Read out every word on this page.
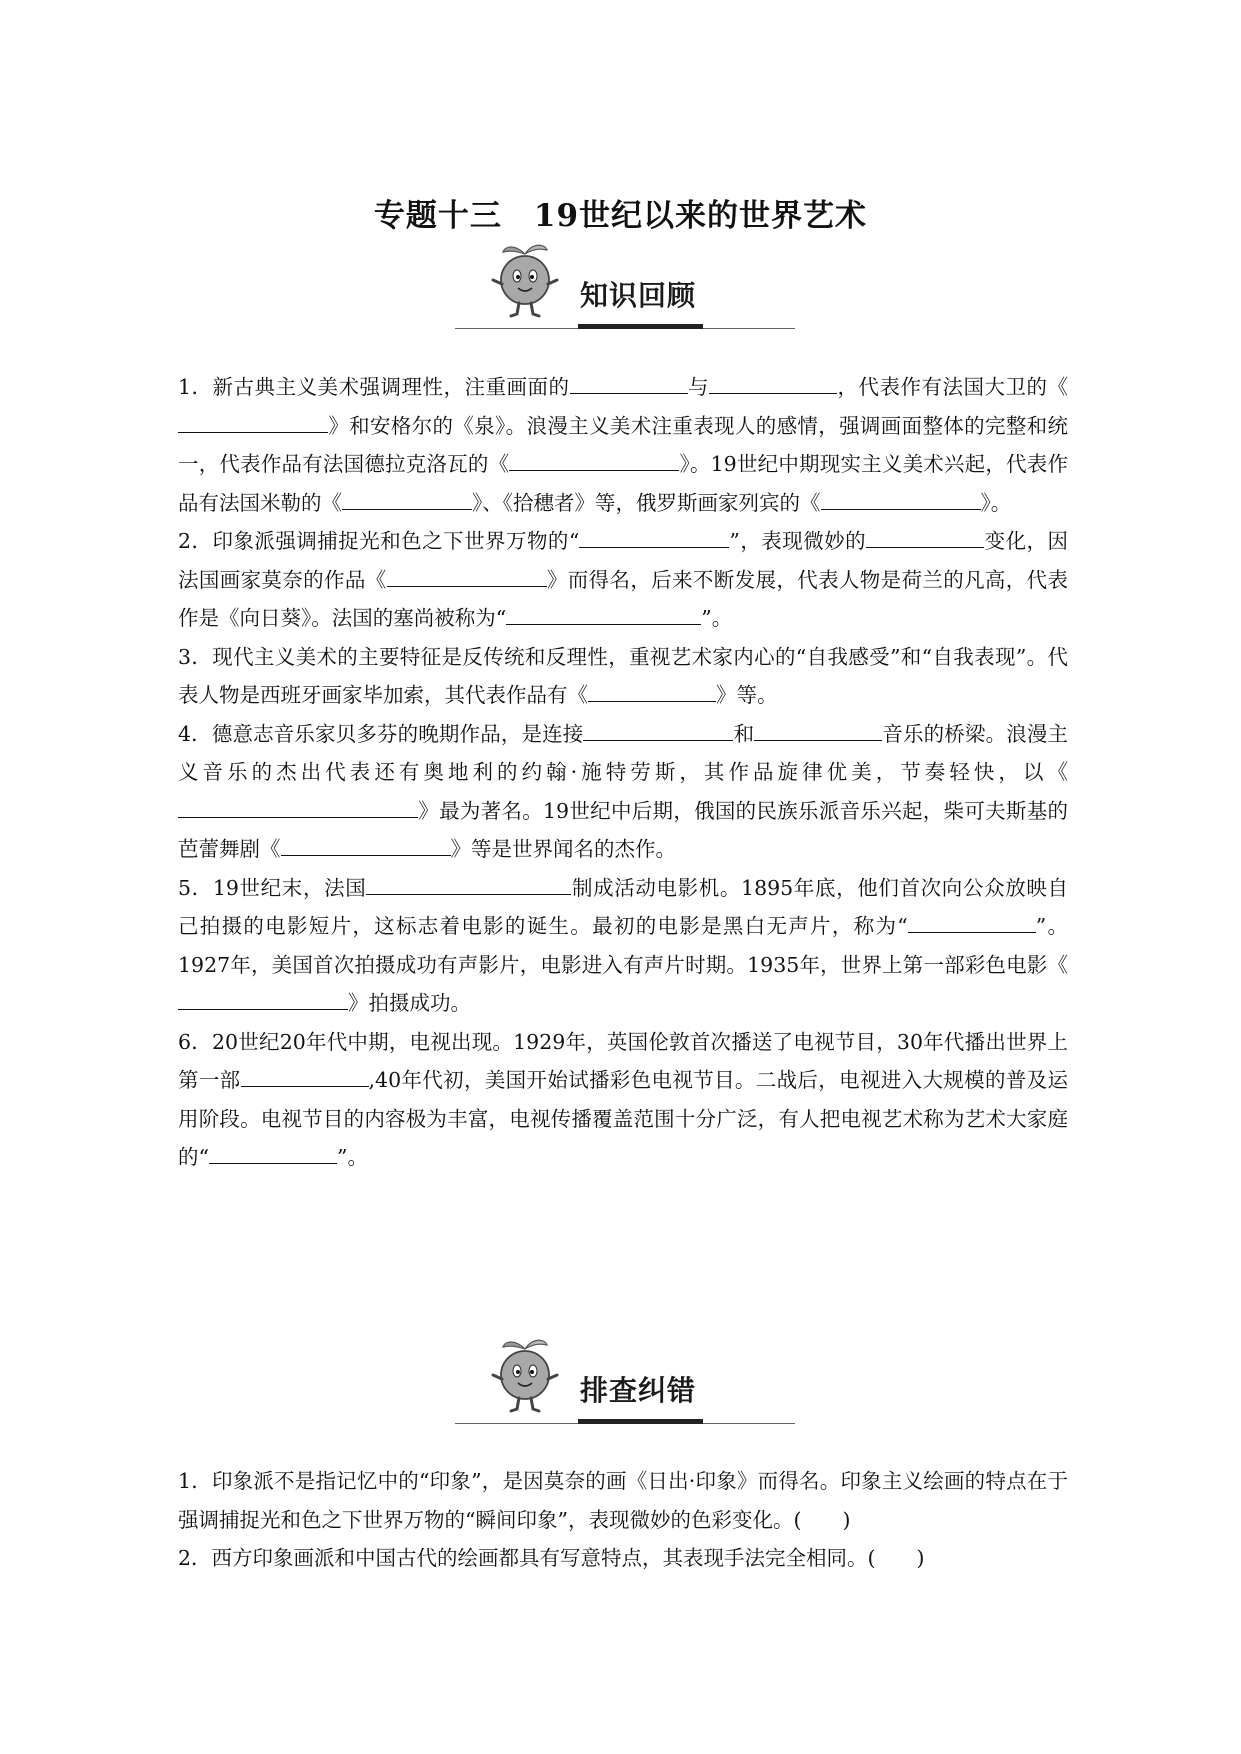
专题十三　19世纪以来的世界艺术
知识回顾

1．新古典主义美术强调理性，注重画面的	与	，代表作有法国大卫的《》和安格尔的《泉》。浪漫主义美术注重表现人的感情，强调画面整体的完整和统一，代表作品有法国德拉克洛瓦的《	》。19世纪中期现实主义美术兴起，代表作品有法国米勒的《	》、《拾穗者》等，俄罗斯画家列宾的《	》。

2．印象派强调捕捉光和色之下世界万物的“	”，表现微妙的	变化，因法国画家莫奈的作品《	》而得名，后来不断发展，代表人物是荷兰的凡高，代表作是《向日葵》。法国的塞尚被称为“	”。

3．现代主义美术的主要特征是反传统和反理性，重视艺术家内心的“自我感受”和“自我表现”。代表人物是西班牙画家毕加索，其代表作品有《	》等。

4．德意志音乐家贝多芬的晚期作品，是连接	和	音乐的桥梁。浪漫主义音乐的杰出代表还有奥地利的约翰·施特劳斯，其作品旋律优美，节奏轻快，以《》最为著名。19世纪中后期，俄国的民族乐派音乐兴起，柴可夫斯基的芭蕾舞剧《	》等是世界闻名的杰作。

5．19世纪末，法国	制成活动电影机。1895年底，他们首次向公众放映自己拍摄的电影短片，这标志着电影的诞生。最初的电影是黑白无声片，称为“	”。 1927年，美国首次拍摄成功有声影片，电影进入有声片时期。1935年，世界上第一部彩色电影《》拍摄成功。

6．20世纪20年代中期，电视出现。1929年，英国伦敦首次播送了电视节目，30年代播出世界上第一部	,40年代初，美国开始试播彩色电视节目。二战后，电视进入大规模的普及运用阶段。电视节目的内容极为丰富，电视传播覆盖范围十分广泛，有人把电视艺术称为艺术大家庭的“	”。

排查纠错

1．印象派不是指记忆中的“印象”，是因莫奈的画《日出·印象》而得名。印象主义绘画的特点在于强调捕捉光和色之下世界万物的“瞬间印象”，表现微妙的色彩变化。(　　)

2．西方印象画派和中国古代的绘画都具有写意特点，其表现手法完全相同。(　　)
